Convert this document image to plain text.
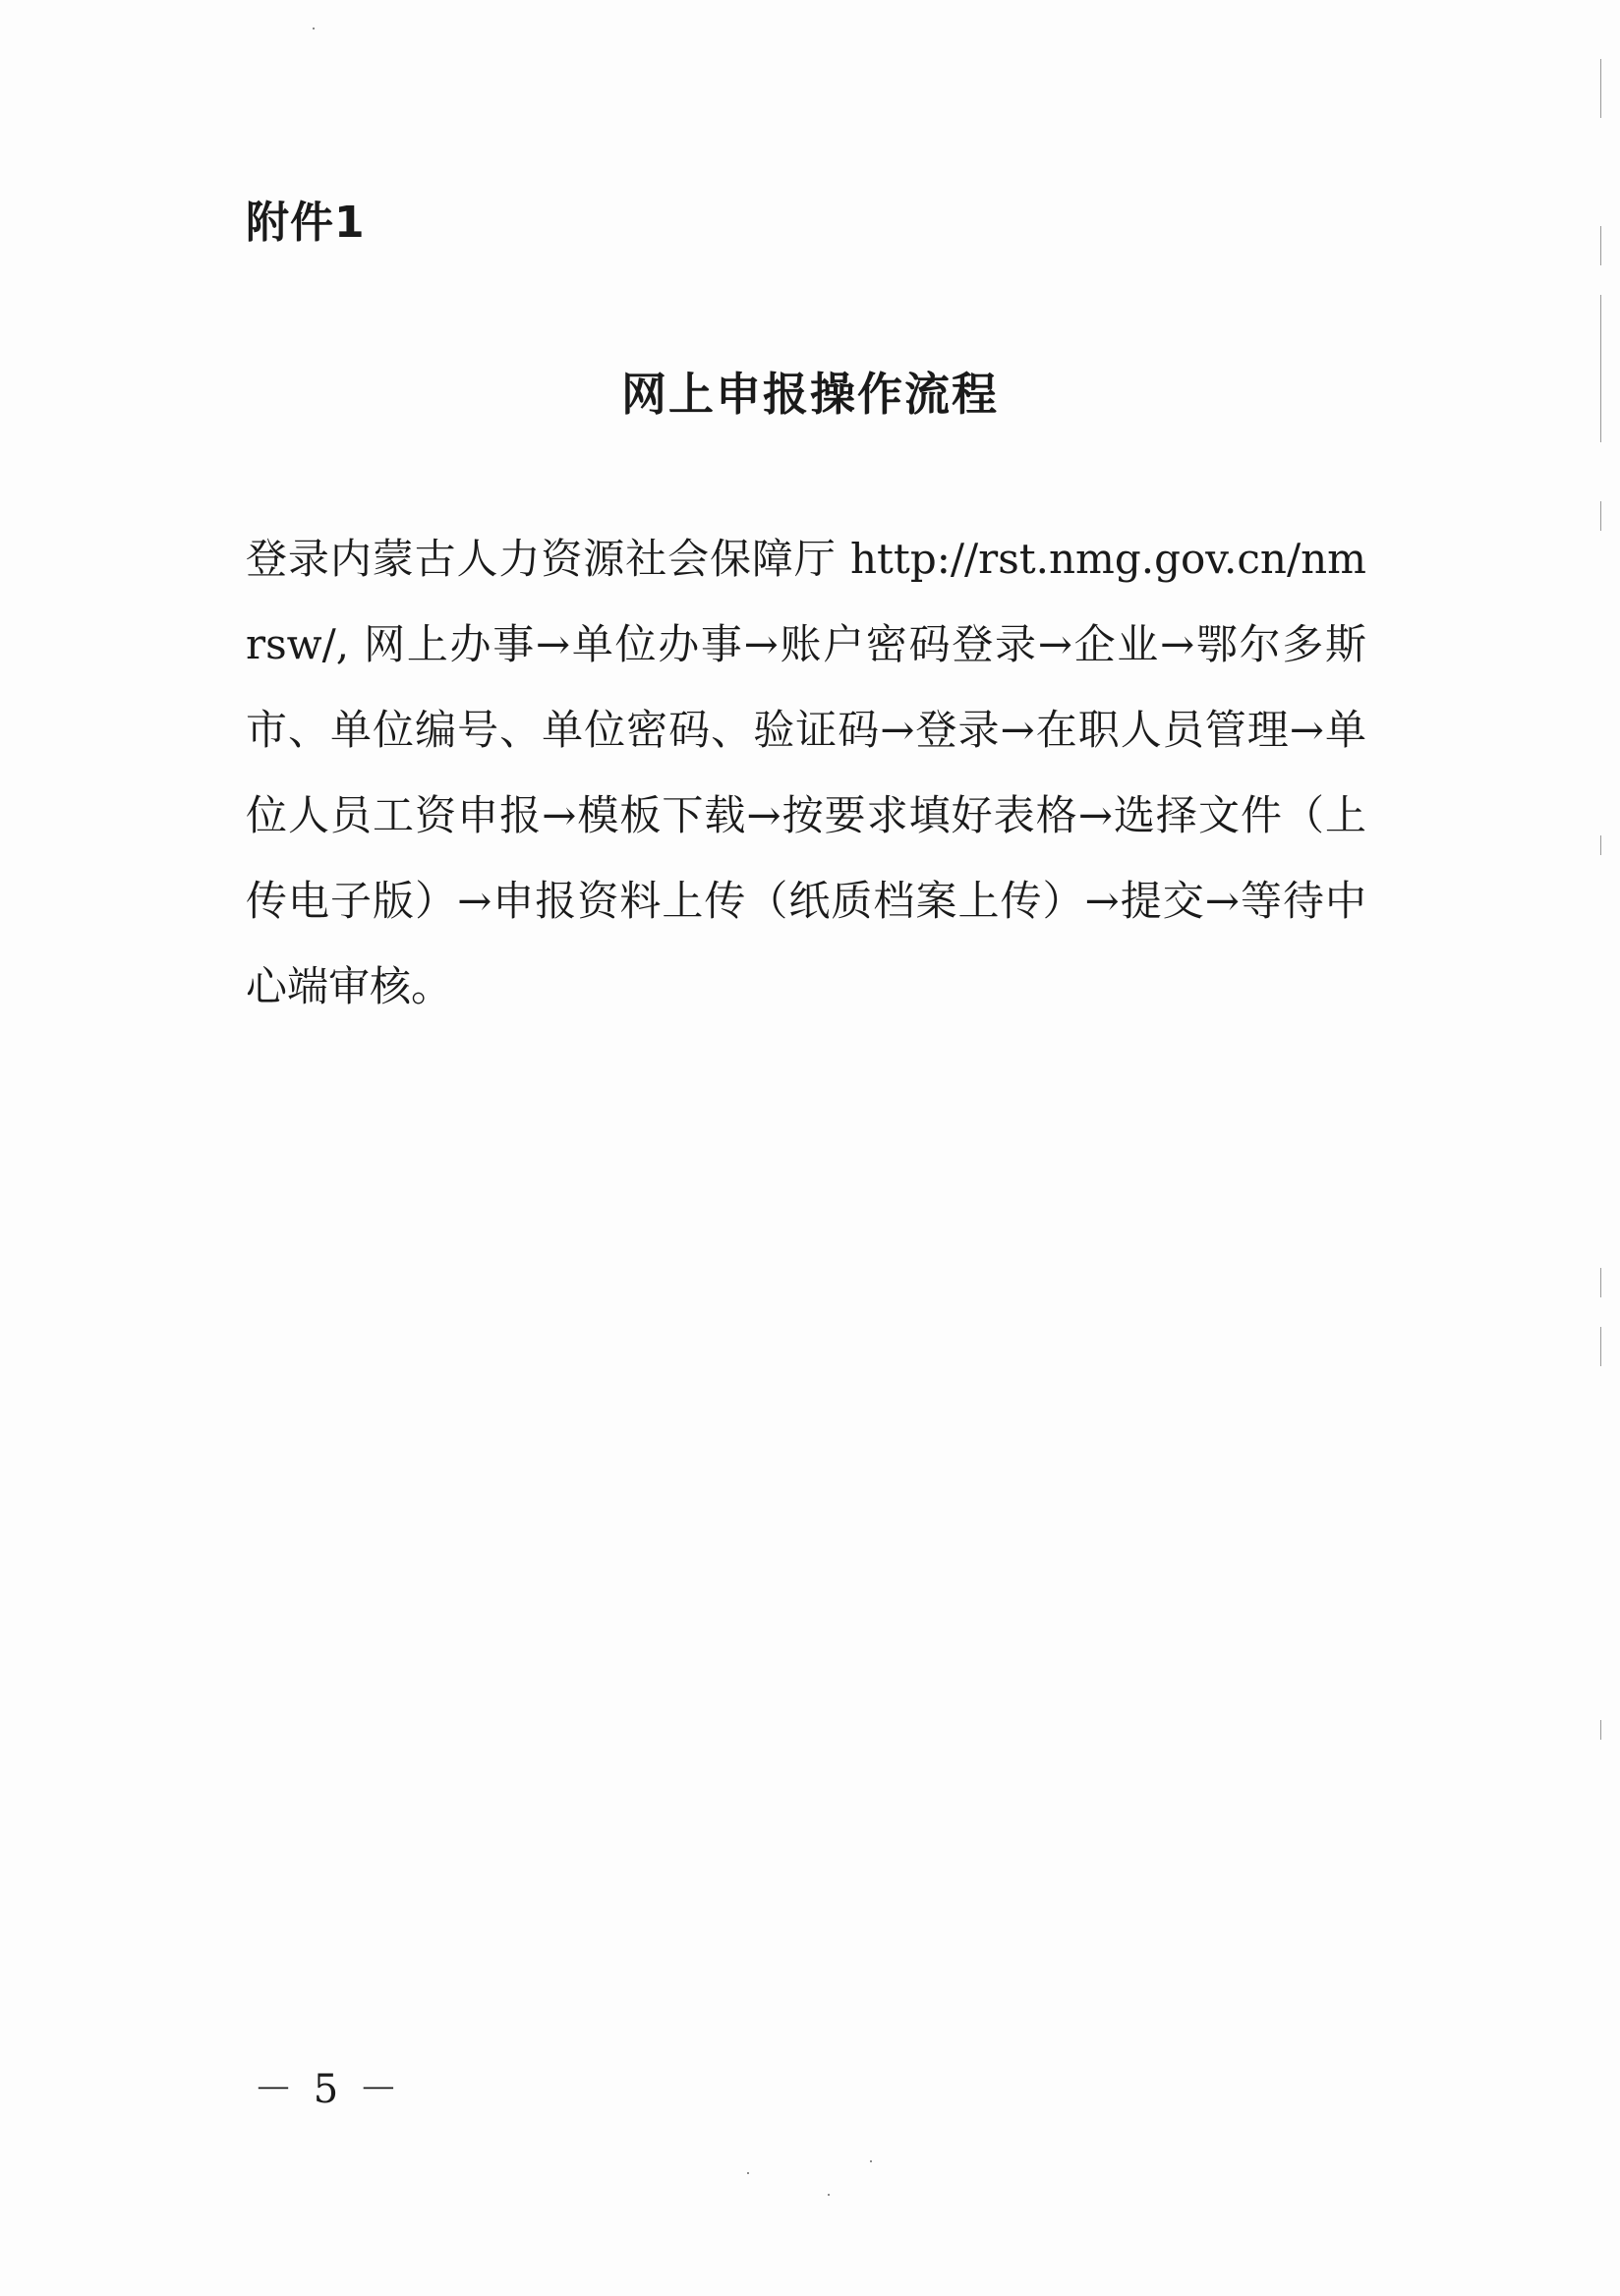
附件1
网上申报操作流程
登录内蒙古人力资源社会保障厅 http://rst.nmg.gov.cn/nmrsw/, 网上办事→单位办事→账户密码登录→企业→鄂尔多斯市、单位编号、单位密码、验证码→登录→在职人员管理→单位人员工资申报→模板下载→按要求填好表格→选择文件（上传电子版）→申报资料上传（纸质档案上传）→提交→等待中心端审核。
－ 5 －
